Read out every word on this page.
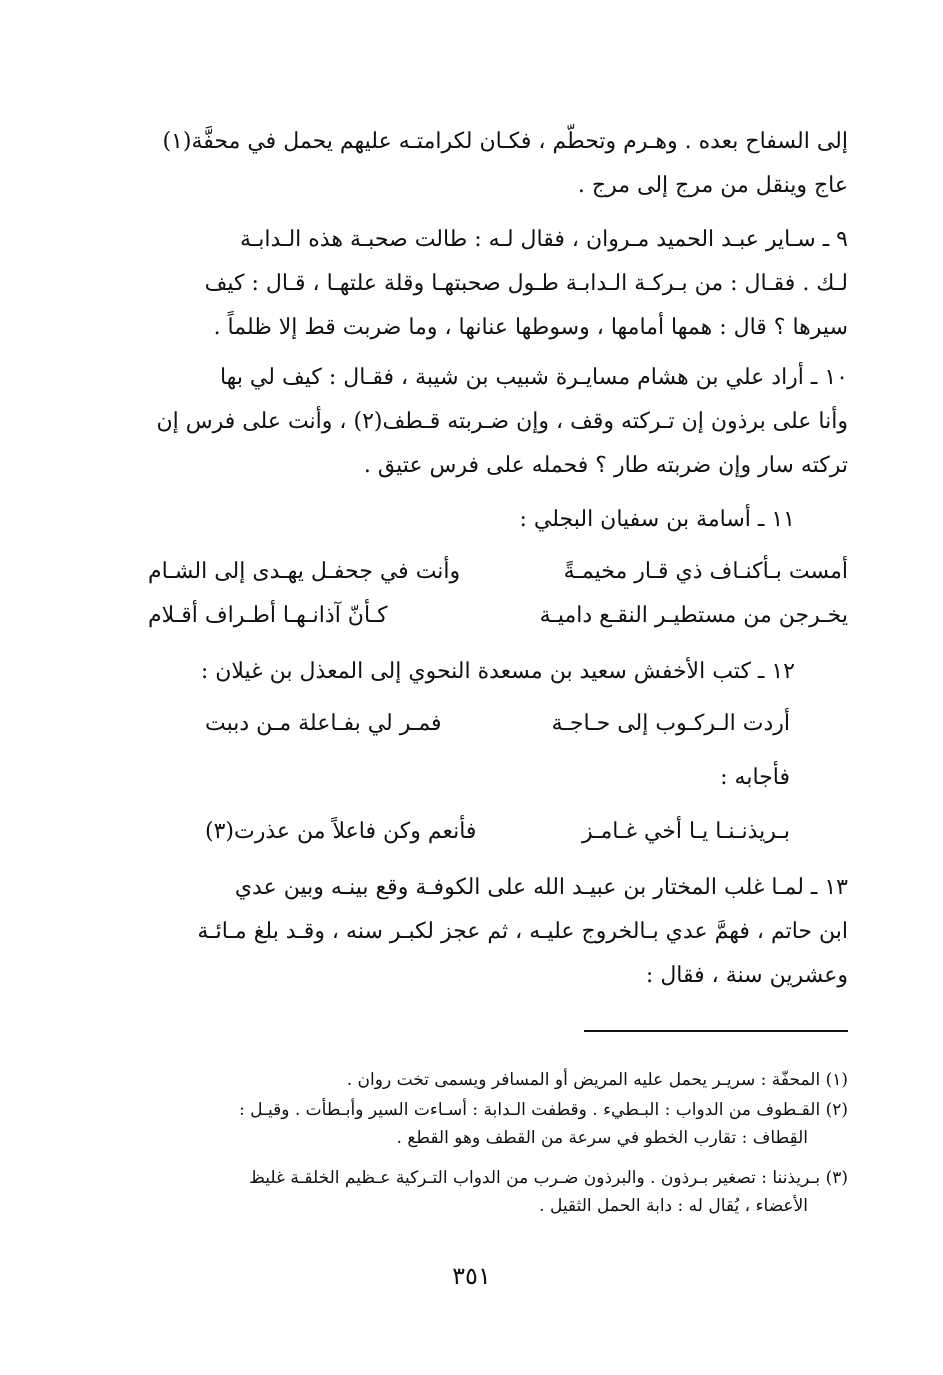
إلى السفاح بعده . وهـرم وتحطّم ، فكـان لكرامتـه عليهم يحمل في محفَّة(١)
عاج وينقل من مرج إلى مرج .

٩ ـ سـاير عبـد الحميد مـروان ، فقال لـه : طالت صحبـة هذه الـدابـة
لـك . فقـال : من بـركـة الـدابـة طـول صحبتهـا وقلة علتهـا ، قـال : كيف
سيرها ؟ قال : همها أمامها ، وسوطها عنانها ، وما ضربت قط إلا ظلماً .

١٠ ـ أراد علي بن هشام مسايـرة شبيب بن شيبة ، فقـال : كيف لي بها
وأنا على برذون إن تـركته وقف ، وإن ضـربته قـطف(٢) ، وأنت على فرس إن
تركته سار وإن ضربته طار ؟ فحمله على فرس عتيق .

١١ ـ أسامة بن سفيان البجلي :
أمست بـأكنـاف ذي قـار مخيمـةً
وأنت في جحفـل يهـدى إلى الشـام
يخـرجن من مستطيـر النقـع داميـة
كـأنّ آذانـهـا أطـراف أقـلام
١٢ ـ كتب الأخفش سعيد بن مسعدة النحوي إلى المعذل بن غيلان :
أردت الـركـوب إلى حـاجـة
فمـر لي بفـاعلة مـن دببت
فأجابه :
بـريذنـنـا يـا أخي غـامـز
فأنعم وكن فاعلاً من عذرت(٣)

١٣ ـ لمـا غلب المختار بن عبيـد الله على الكوفـة وقع بينـه وبين عدي
ابن حاتم ، فهمَّ عدي بـالخروج عليـه ، ثم عجز لكبـر سنه ، وقـد بلغ مـائـة
وعشرين سنة ، فقال :

(١) المحفّة : سريـر يحمل عليه المريض أو المسافر ويسمى تخت روان .
(٢) القـطوف من الدواب : البـطيء . وقطفت الـدابة : أسـاءت السير وأبـطأت . وقيـل :
القِطاف : تقارب الخطو في سرعة من القطف وهو القطع .
(٣) بـريذننا : تصغير بـرذون . والبرذون ضـرب من الدواب التـركية عـظيم الخلقـة غليظ
الأعضاء ، يُقال له : دابة الحمل الثقيل .
٣٥١
